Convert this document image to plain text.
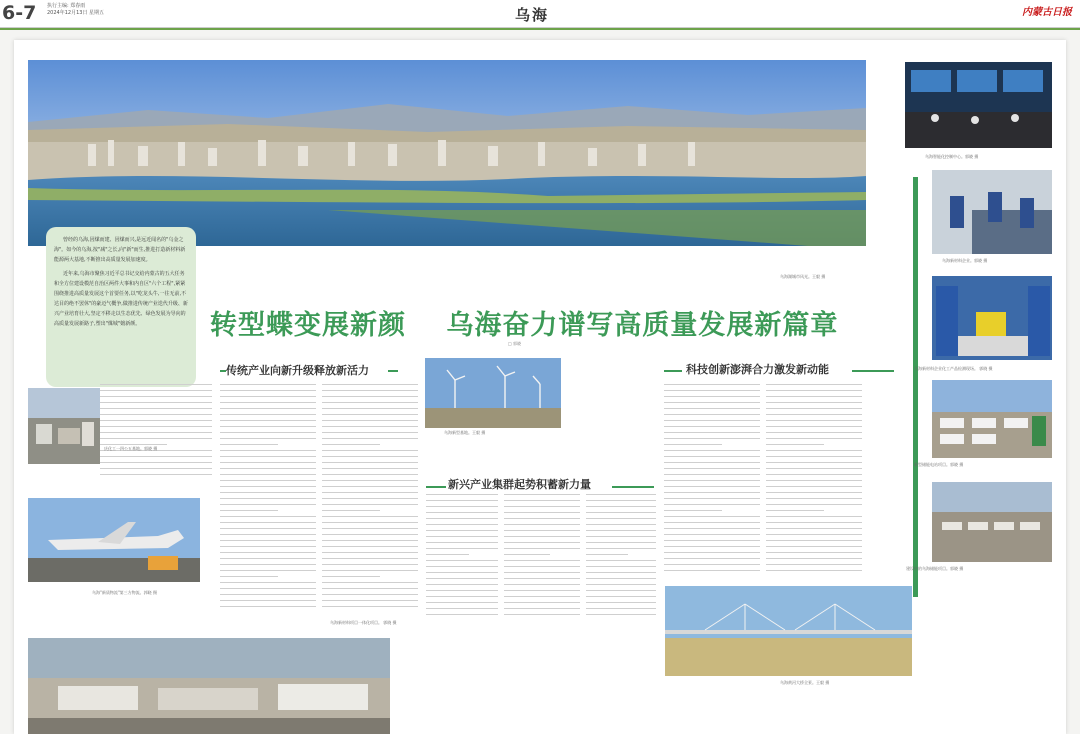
6-7 执行主编: 郑春雨
2024年12月13日 星期五	乌海	内蒙古日报
乌海湖城市风光。王毅 摄

曾经的乌海,因煤而建、因煤而兴,是远近闻名的"乌金之海"。如今的乌海,按"减"之长,向"新"而生,推进打造新材料新能源两大基地,不断推出高质量发展加速度。

近年来,乌海市聚焦习近平总书记交给内蒙古的五大任务和全方位建设模范自治区两件大事和内自区"六个工程",紧紧围绕推进高质量发展这个首要任务,以"吃龙头牛,一往无前,不达目的绝不罢休"的豪迈气概争,做推进传统产业迭代升级、新兴产业培育壮大,坚定不移走以生态优先、绿色发展为导向的高质量发展新路子,塑出"煤城"嬗新颜。	转型蝶变展新颜 乌海奋力谱写高质量发展新篇章
□ 郭晓
传统产业向新升级释放新活力
新兴产业集群起势积蓄新力量
科技创新澎湃合力激发新动能
庆化工一四公五基地。郭晓 摄
乌海"新质物流"第三方物流。郭晓 摄
乌海新材料项目一体化项目。 郭晓 摄
乌海新型基地。王毅 摄
乌海智能化控制中心。郭晓 摄
乌海新材料企业。郭晓 摄
乌海新材料企业化工产品检测现场。 郭晓 摄
新型储能电站项目。郭晓 摄
建设中的乌海储能项目。郭晓 摄
乌海黄河大桥全景。王毅 摄
